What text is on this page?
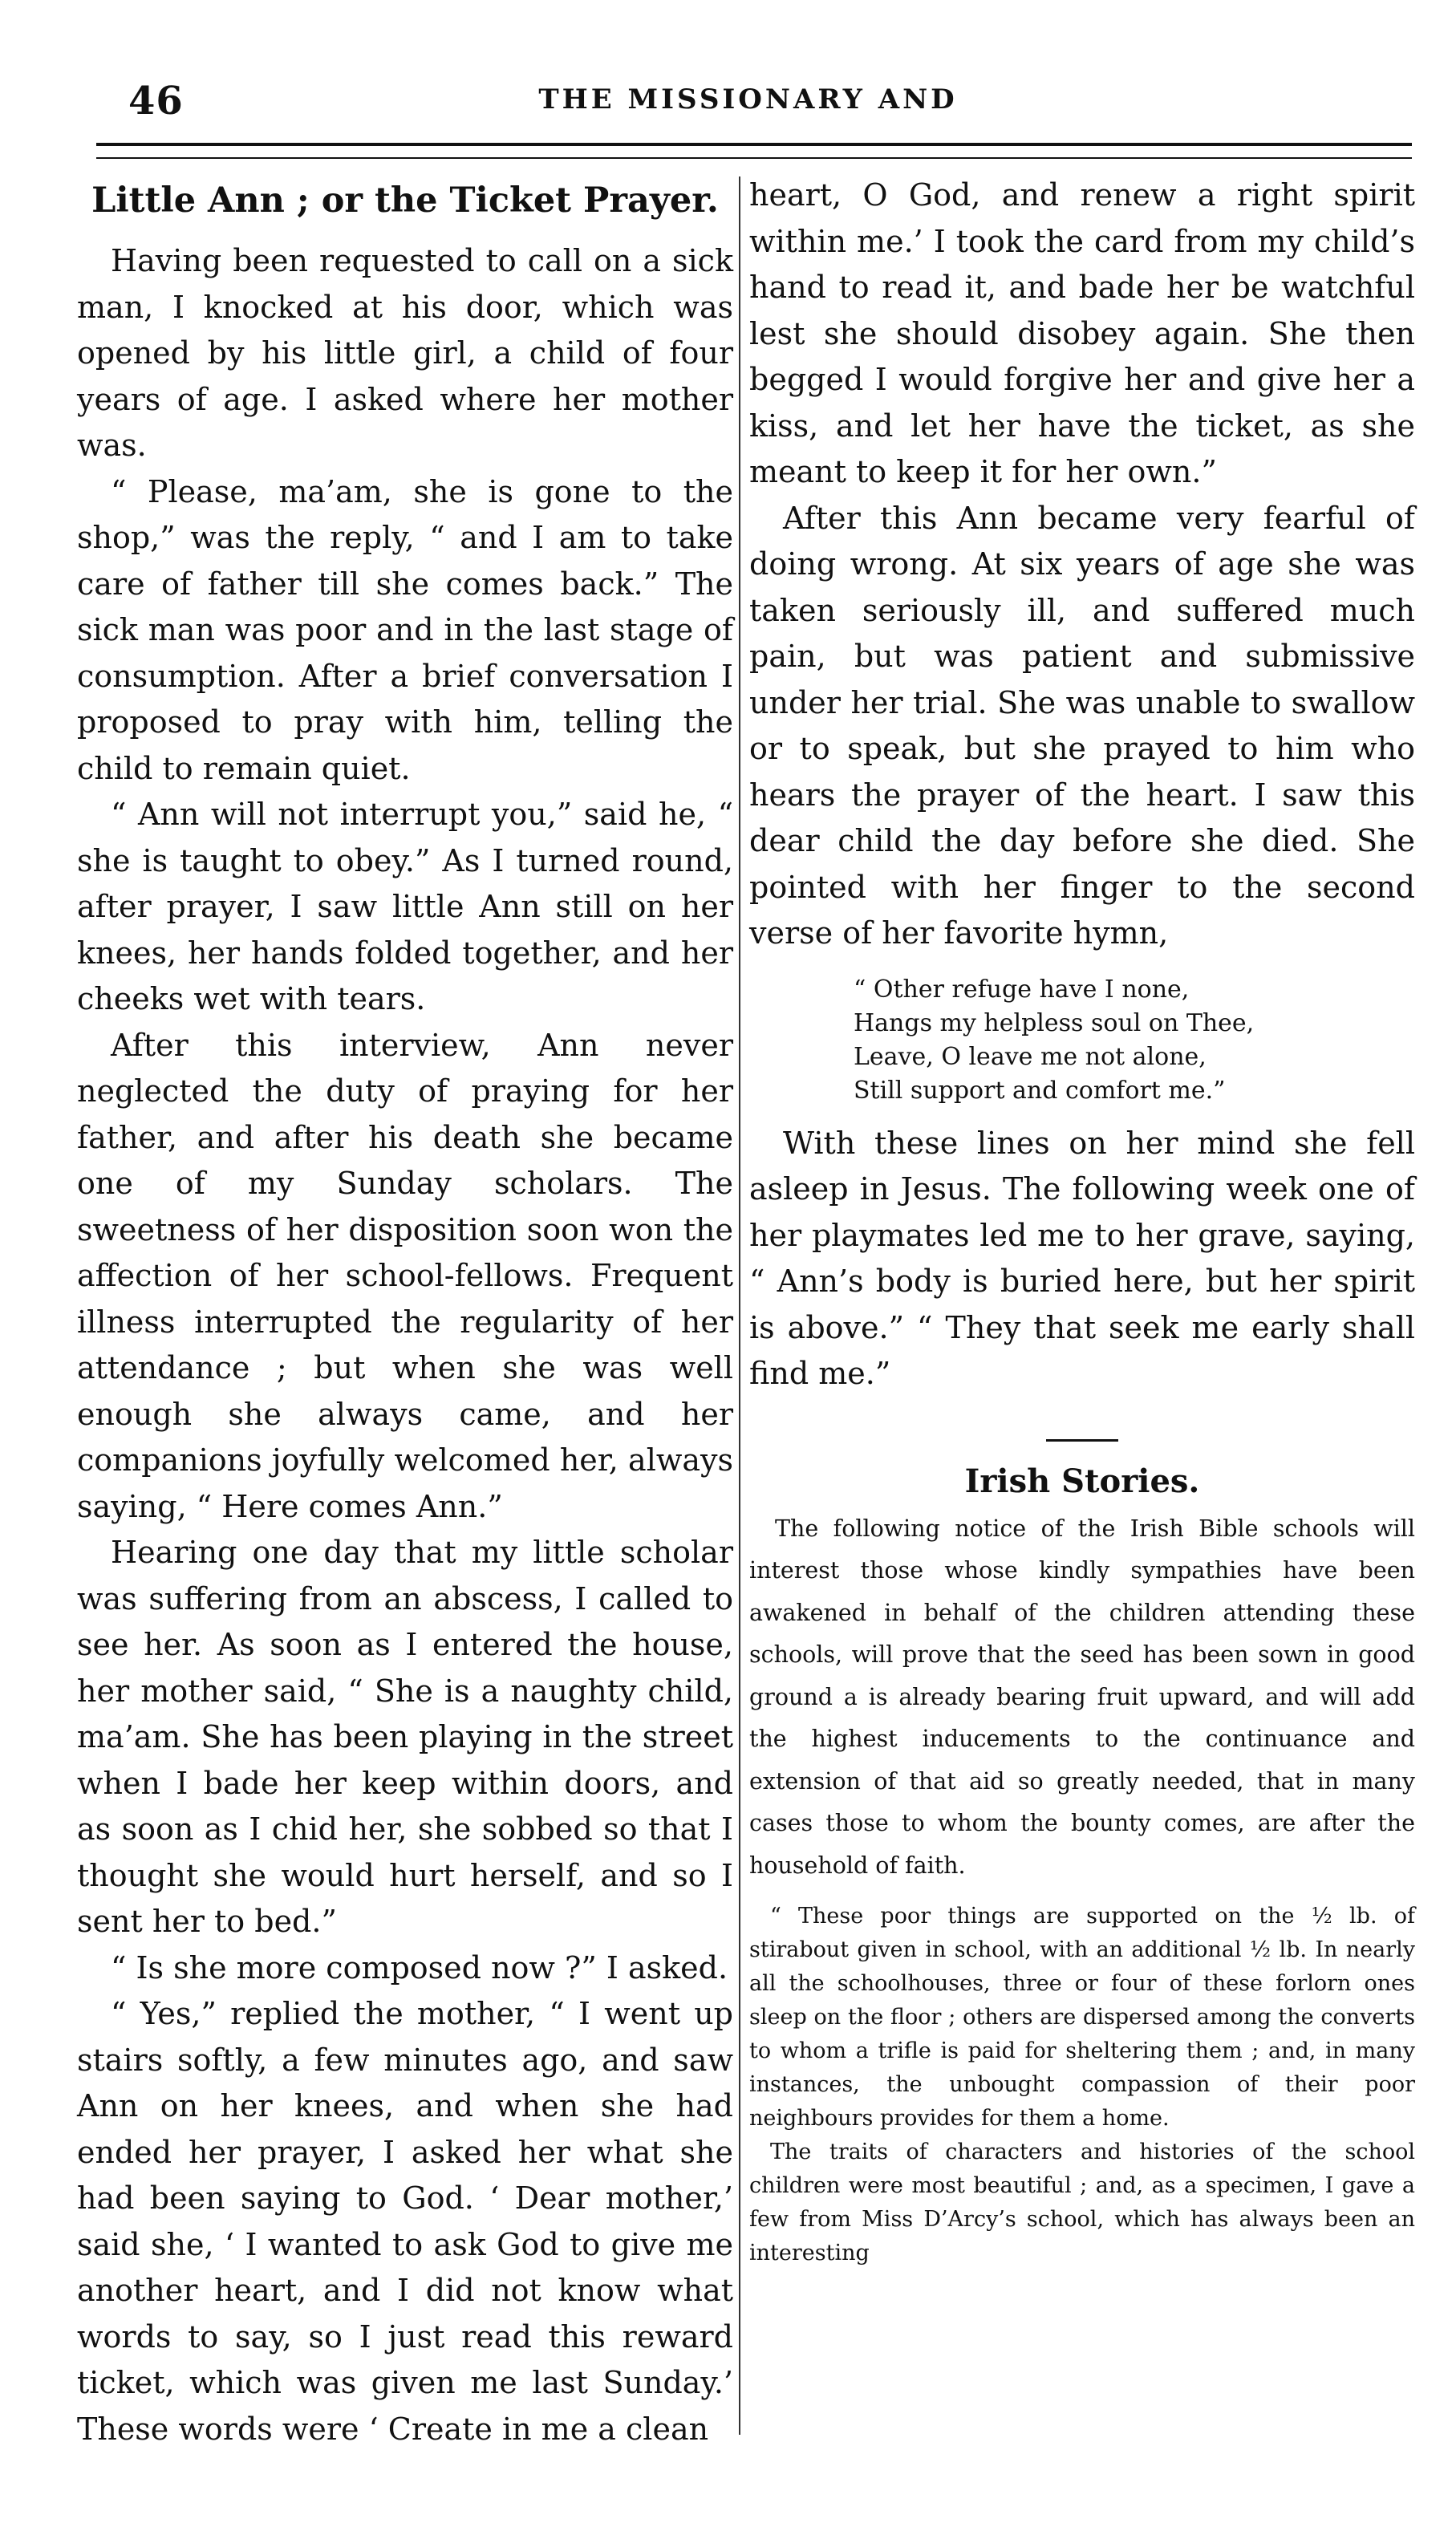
46	THE MISSIONARY AND
Little Ann ; or the Ticket Prayer.

Having been requested to call on a sick man, I knocked at his door, which was opened by his little girl, a child of four years of age. I asked where her mother was.

“ Please, ma’am, she is gone to the shop,” was the reply, “ and I am to take care of father till she comes back.” The sick man was poor and in the last stage of consumption. After a brief conversation I proposed to pray with him, telling the child to remain quiet.

“ Ann will not interrupt you,” said he, “ she is taught to obey.” As I turned round, after prayer, I saw little Ann still on her knees, her hands folded together, and her cheeks wet with tears.

After this interview, Ann never neglected the duty of praying for her father, and after his death she became one of my Sunday scholars. The sweetness of her disposition soon won the affection of her school-fellows. Frequent illness interrupted the regularity of her attendance ; but when she was well enough she always came, and her companions joyfully welcomed her, always saying, “ Here comes Ann.”

Hearing one day that my little scholar was suffering from an abscess, I called to see her. As soon as I entered the house, her mother said, “ She is a naughty child, ma’am. She has been playing in the street when I bade her keep within doors, and as soon as I chid her, she sobbed so that I thought she would hurt herself, and so I sent her to bed.”

“ Is she more composed now ?” I asked.

“ Yes,” replied the mother, “ I went up stairs softly, a few minutes ago, and saw Ann on her knees, and when she had ended her prayer, I asked her what she had been saying to God. ‘ Dear mother,’ said she, ‘ I wanted to ask God to give me another heart, and I did not know what words to say, so I just read this reward ticket, which was given me last Sunday.’ These words were ‘ Create in me a clean

heart, O God, and renew a right spirit within me.’ I took the card from my child’s hand to read it, and bade her be watchful lest she should disobey again. She then begged I would forgive her and give her a kiss, and let her have the ticket, as she meant to keep it for her own.”

After this Ann became very fearful of doing wrong. At six years of age she was taken seriously ill, and suffered much pain, but was patient and submissive under her trial. She was unable to swallow or to speak, but she prayed to him who hears the prayer of the heart. I saw this dear child the day before she died. She pointed with her finger to the second verse of her favorite hymn,

“ Other refuge have I none,
Hangs my helpless soul on Thee,
Leave, O leave me not alone,
Still support and comfort me.”

With these lines on her mind she fell asleep in Jesus. The following week one of her playmates led me to her grave, saying, “ Ann’s body is buried here, but her spirit is above.” “ They that seek me early shall find me.”

Irish Stories.

The following notice of the Irish Bible schools will interest those whose kindly sympathies have been awakened in behalf of the children attending these schools, will prove that the seed has been sown in good ground a is already bearing fruit upward, and will add the highest inducements to the continuance and extension of that aid so greatly needed, that in many cases those to whom the bounty comes, are after the household of faith.

“ These poor things are supported on the ½ lb. of stirabout given in school, with an additional ½ lb. In nearly all the schoolhouses, three or four of these forlorn ones sleep on the floor ; others are dispersed among the converts to whom a trifle is paid for sheltering them ; and, in many instances, the unbought compassion of their poor neighbours provides for them a home.

The traits of characters and histories of the school children were most beautiful ; and, as a specimen, I gave a few from Miss D’Arcy’s school, which has always been an interesting
